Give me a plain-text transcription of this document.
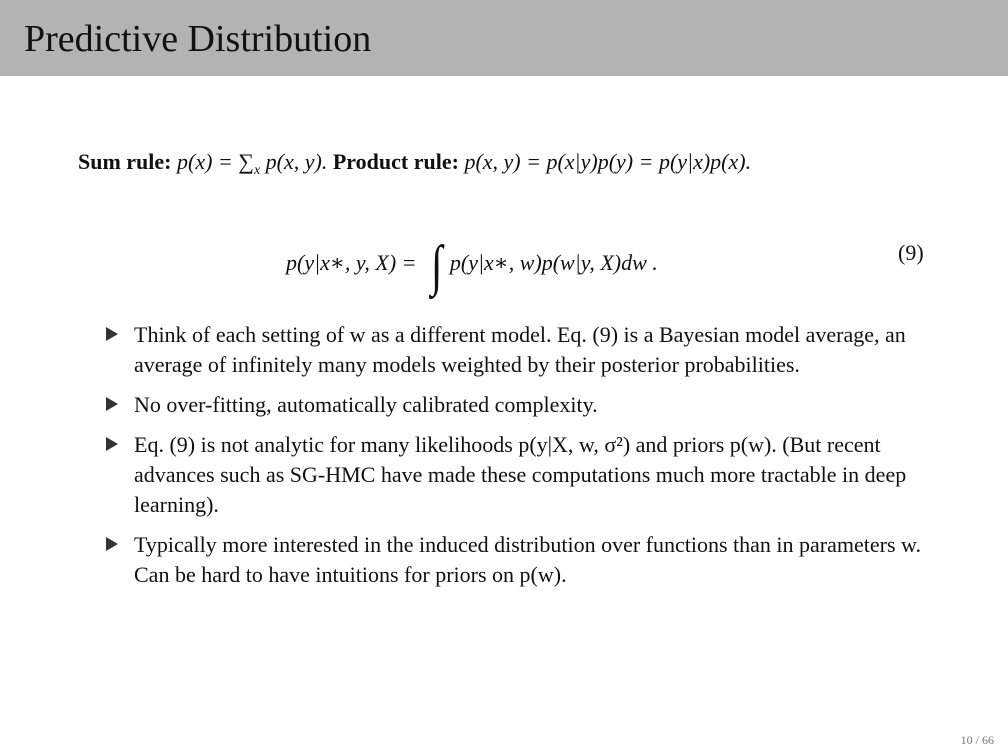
Predictive Distribution
Sum rule: $p(x) = \sum_x$ p(x, y). Product rule: p(x, y) = p(x|y)p(y) = p(y|x)p(x).
p(y|x∗, y, X) = ∫ p(y|x∗, w)p(w|y, X)dw .	(9)
Think of each setting of w as a different model. Eq. (9) is a Bayesian model average, an average of infinitely many models weighted by their posterior probabilities.
No over-fitting, automatically calibrated complexity.
Eq. (9) is not analytic for many likelihoods p(y|X, w, σ²) and priors p(w). (But recent advances such as SG-HMC have made these computations much more tractable in deep learning).
Typically more interested in the induced distribution over functions than in parameters w. Can be hard to have intuitions for priors on p(w).
10 / 66
